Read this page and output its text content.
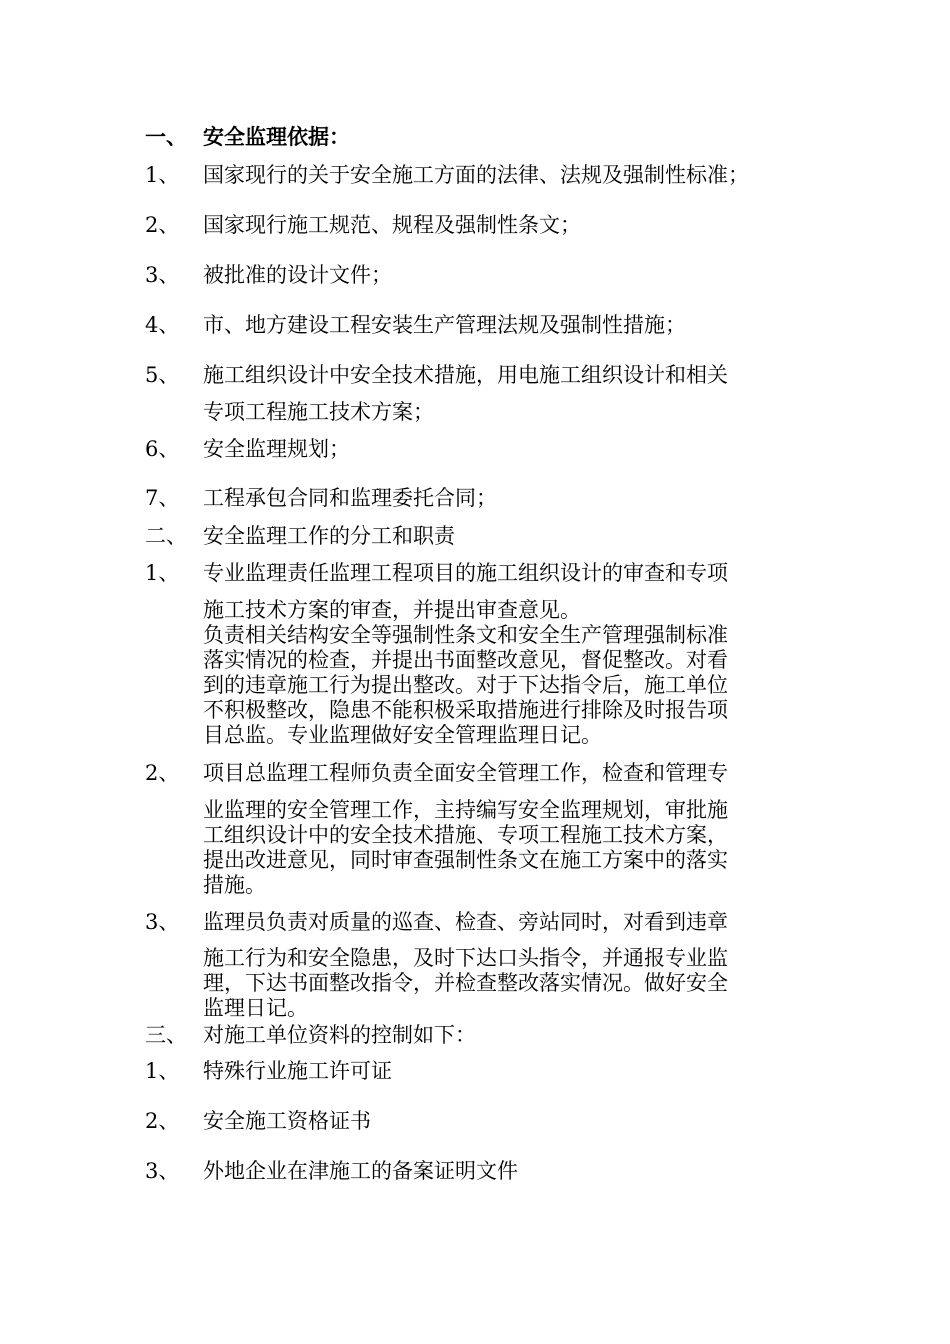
一、 安全监理依据：
1、 国家现行的关于安全施工方面的法律、法规及强制性标准；
2、 国家现行施工规范、规程及强制性条文；
3、 被批准的设计文件；
4、 市、地方建设工程安装生产管理法规及强制性措施；
5、 施工组织设计中安全技术措施，用电施工组织设计和相关
专项工程施工技术方案；
6、 安全监理规划；
7、 工程承包合同和监理委托合同；
二、 安全监理工作的分工和职责
1、 专业监理责任监理工程项目的施工组织设计的审查和专项
施工技术方案的审查，并提出审查意见。
负责相关结构安全等强制性条文和安全生产管理强制标准
落实情况的检查，并提出书面整改意见，督促整改。对看
到的违章施工行为提出整改。对于下达指令后，施工单位
不积极整改，隐患不能积极采取措施进行排除及时报告项
目总监。专业监理做好安全管理监理日记。
2、 项目总监理工程师负责全面安全管理工作，检查和管理专
业监理的安全管理工作，主持编写安全监理规划，审批施
工组织设计中的安全技术措施、专项工程施工技术方案，
提出改进意见，同时审查强制性条文在施工方案中的落实
措施。
3、 监理员负责对质量的巡查、检查、旁站同时，对看到违章
施工行为和安全隐患，及时下达口头指令，并通报专业监
理，下达书面整改指令，并检查整改落实情况。做好安全
监理日记。
三、 对施工单位资料的控制如下：
1、 特殊行业施工许可证
2、 安全施工资格证书
3、 外地企业在津施工的备案证明文件
